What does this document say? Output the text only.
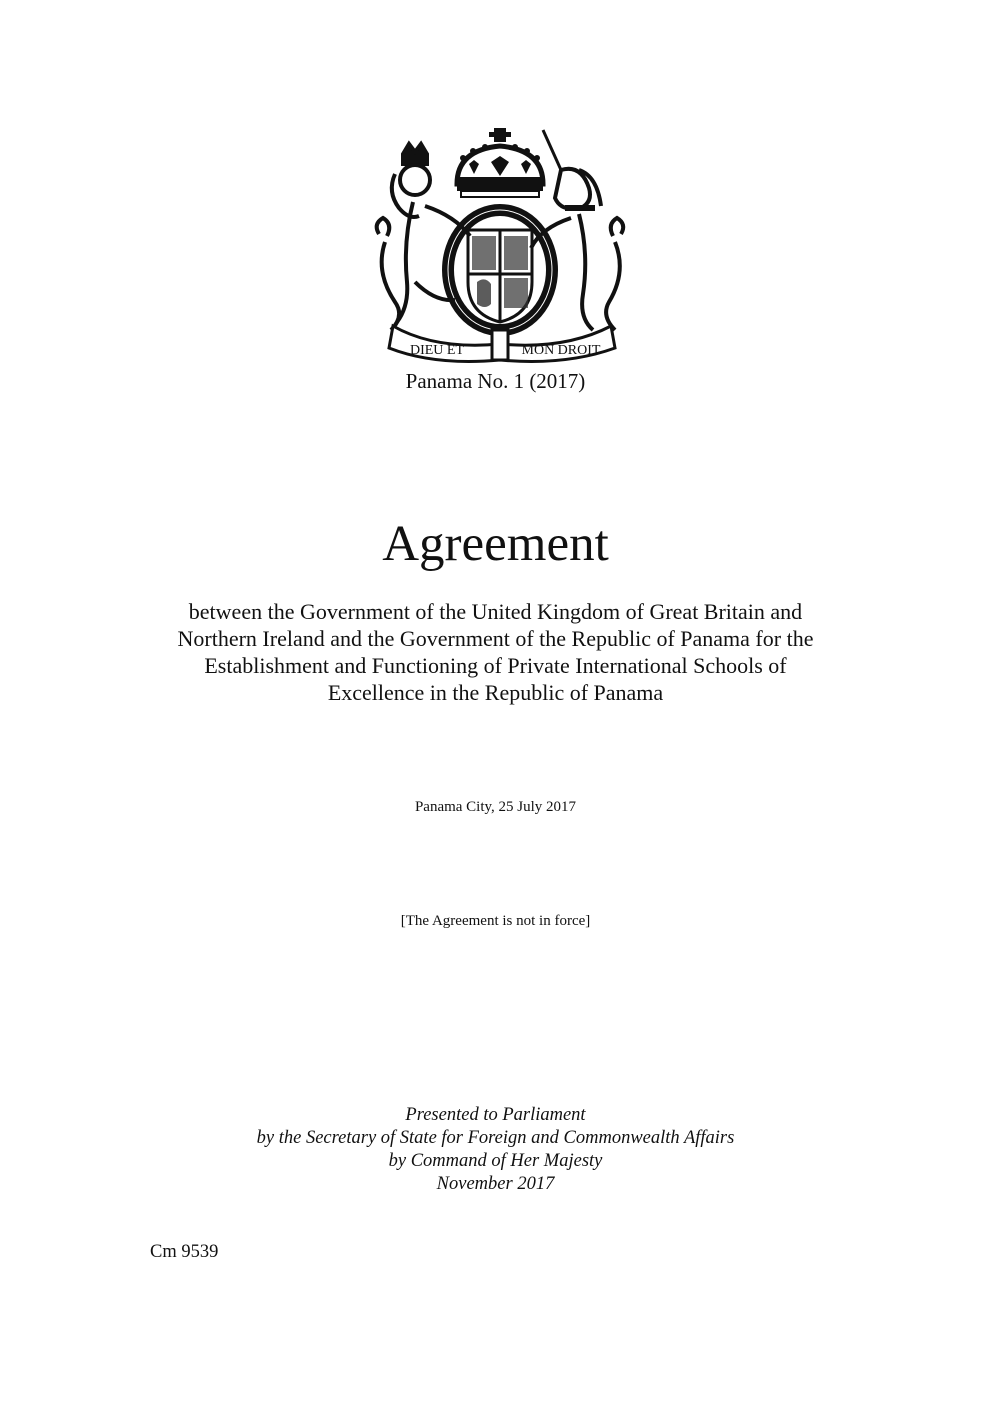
DIEU ET	MON DROIT
Panama No. 1 (2017)
Agreement
between the Government of the United Kingdom of Great Britain and
Northern Ireland and the Government of the Republic of Panama for the
Establishment and Functioning of Private International Schools of
Excellence in the Republic of Panama
Panama City, 25 July 2017
[The Agreement is not in force]
Presented to Parliament
by the Secretary of State for Foreign and Commonwealth Affairs
by Command of Her Majesty
November 2017
Cm 9539
